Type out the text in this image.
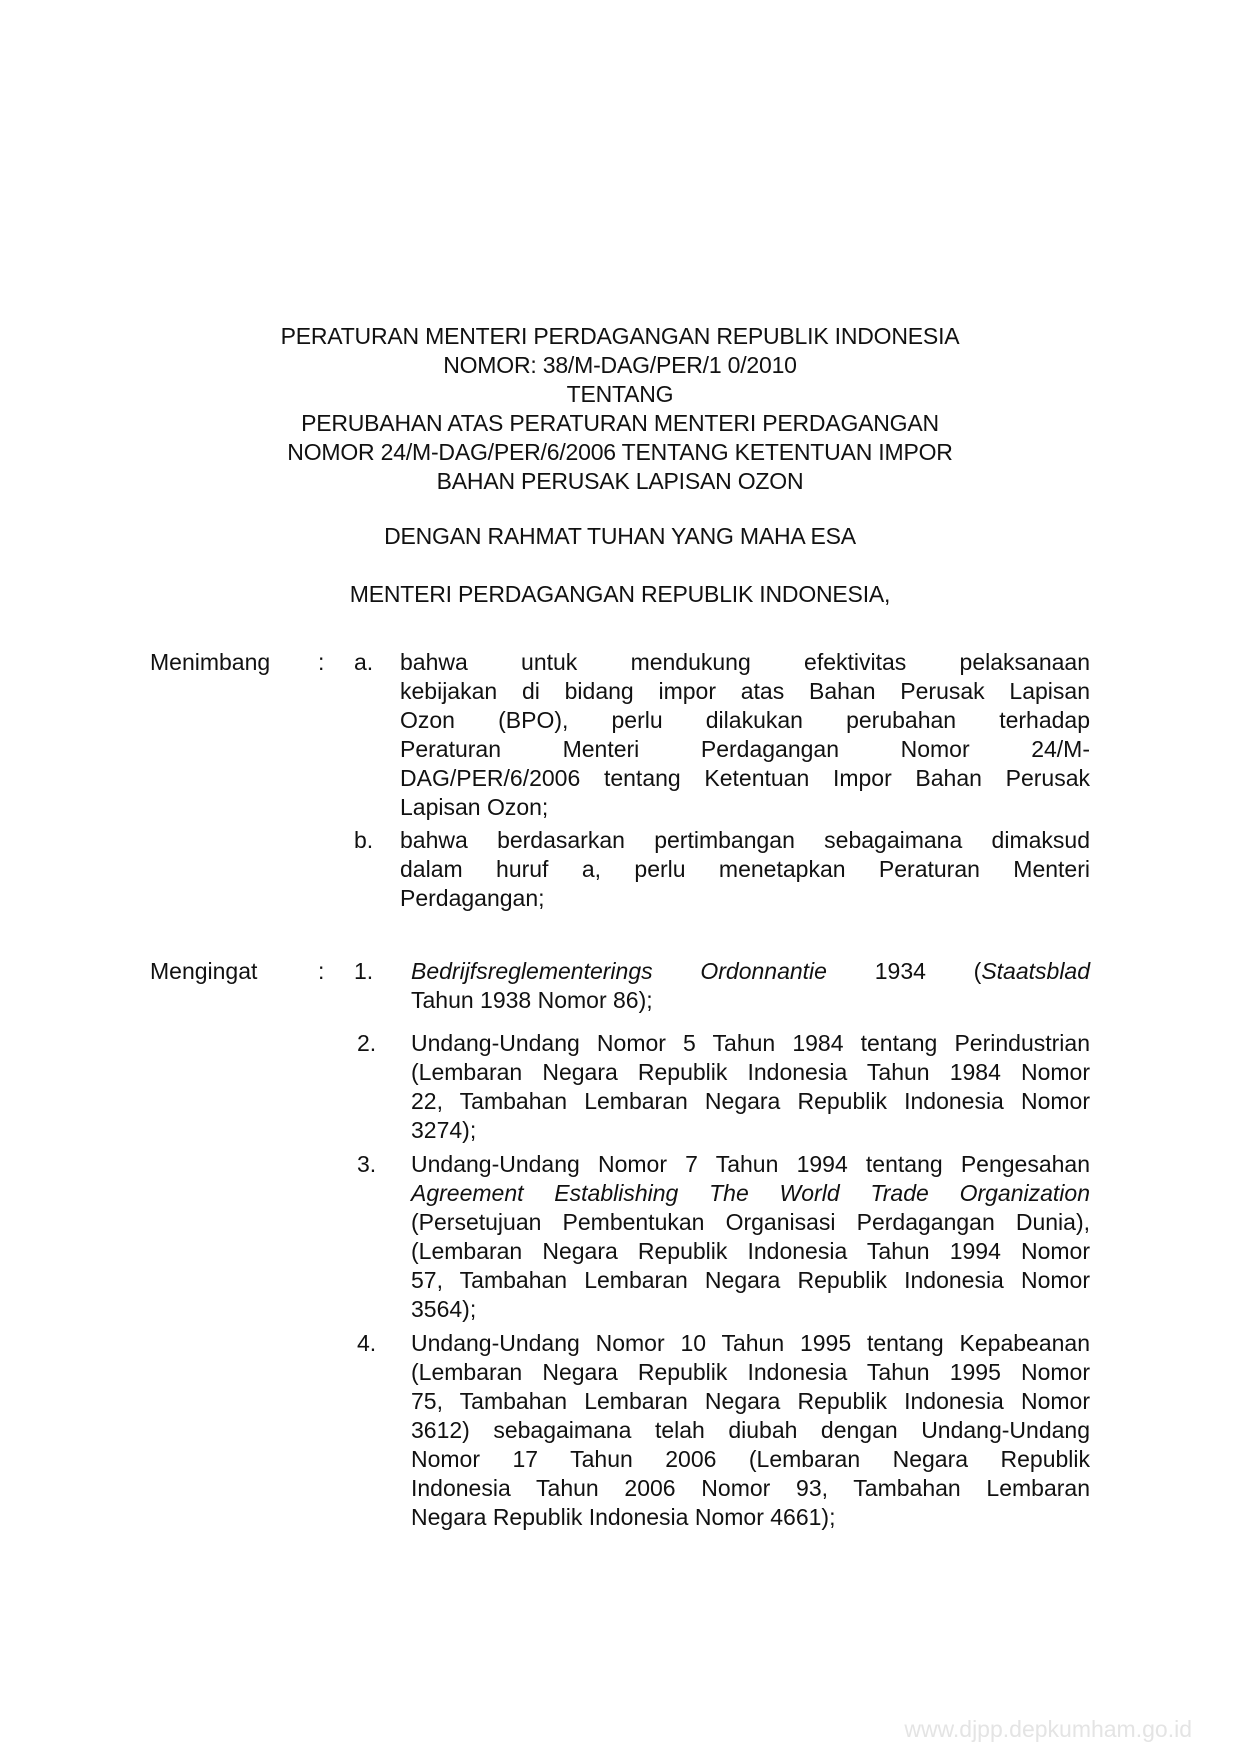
PERATURAN MENTERI PERDAGANGAN REPUBLIK INDONESIA
NOMOR: 38/M-DAG/PER/1 0/2010
TENTANG
PERUBAHAN ATAS PERATURAN MENTERI PERDAGANGAN
NOMOR 24/M-DAG/PER/6/2006 TENTANG KETENTUAN IMPOR
BAHAN PERUSAK LAPISAN OZON
DENGAN RAHMAT TUHAN YANG MAHA ESA
MENTERI PERDAGANGAN REPUBLIK INDONESIA,
Menimbang : a. bahwa untuk mendukung efektivitas pelaksanaan
kebijakan di bidang impor atas Bahan Perusak Lapisan
Ozon (BPO), perlu dilakukan perubahan terhadap
Peraturan Menteri Perdagangan Nomor 24/M-
DAG/PER/6/2006 tentang Ketentuan Impor Bahan Perusak
Lapisan Ozon;
b. bahwa berdasarkan pertimbangan sebagaimana dimaksud
dalam huruf a, perlu menetapkan Peraturan Menteri
Perdagangan;
Mengingat	: 1. Bedrijfsreglementerings Ordonnantie 1934 (Staatsblad
Tahun 1938 Nomor 86);
2. Undang-Undang Nomor 5 Tahun 1984 tentang Perindustrian
(Lembaran Negara Republik Indonesia Tahun 1984 Nomor
22, Tambahan Lembaran Negara Republik Indonesia Nomor
3274);
3. Undang-Undang Nomor 7 Tahun 1994 tentang Pengesahan
Agreement Establishing The World Trade Organization
(Persetujuan Pembentukan Organisasi Perdagangan Dunia),
(Lembaran Negara Republik Indonesia Tahun 1994 Nomor
57, Tambahan Lembaran Negara Republik Indonesia Nomor
3564);
4. Undang-Undang Nomor 10 Tahun 1995 tentang Kepabeanan
(Lembaran Negara Republik Indonesia Tahun 1995 Nomor
75, Tambahan Lembaran Negara Republik Indonesia Nomor
3612) sebagaimana telah diubah dengan Undang-Undang
Nomor 17 Tahun 2006 (Lembaran Negara Republik
Indonesia Tahun 2006 Nomor 93, Tambahan Lembaran
Negara Republik Indonesia Nomor 4661);
www.djpp.depkumham.go.id
